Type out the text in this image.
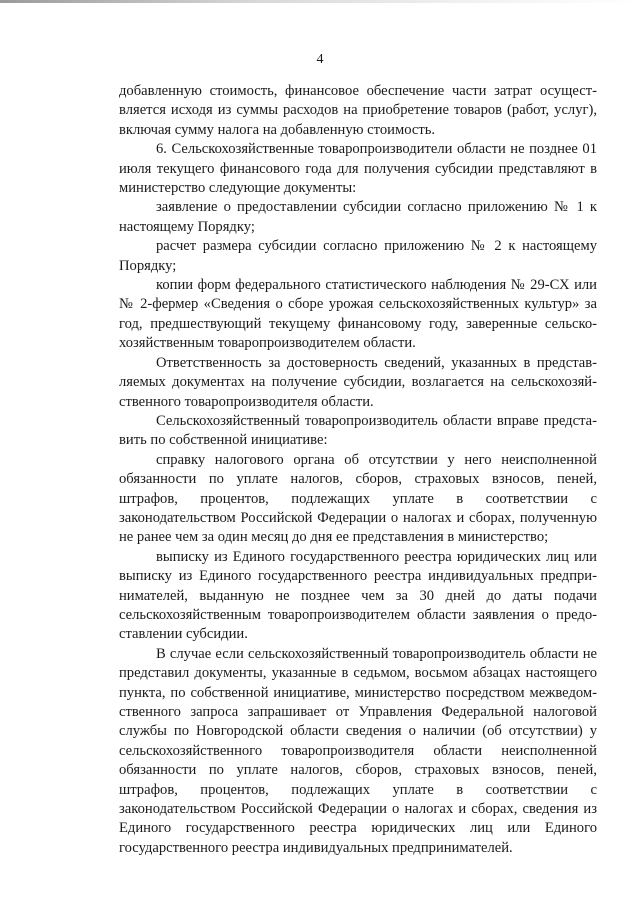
4

добавленную стоимость, финансовое обеспечение части затрат осуществляется исходя из суммы расходов на приобретение товаров (работ, услуг), включая сумму налога на добавленную стоимость.

6. Сельскохозяйственные товаропроизводители области не позднее 01 июля текущего финансового года для получения субсидии представляют в министерство следующие документы:

заявление о предоставлении субсидии согласно приложению № 1 к настоящему Порядку;

расчет размера субсидии согласно приложению № 2 к настоящему Порядку;

копии форм федерального статистического наблюдения № 29-СХ или № 2-фермер «Сведения о сборе урожая сельскохозяйственных культур» за год, предшествующий текущему финансовому году, заверенные сельскохозяйственным товаропроизводителем области.

Ответственность за достоверность сведений, указанных в представляемых документах на получение субсидии, возлагается на сельскохозяйственного товаропроизводителя области.

Сельскохозяйственный товаропроизводитель области вправе представить по собственной инициативе:

справку налогового органа об отсутствии у него неисполненной обязанности по уплате налогов, сборов, страховых взносов, пеней, штрафов, процентов, подлежащих уплате в соответствии с законодательством Российской Федерации о налогах и сборах, полученную не ранее чем за один месяц до дня ее представления в министерство;

выписку из Единого государственного реестра юридических лиц или выписку из Единого государственного реестра индивидуальных предпринимателей, выданную не позднее чем за 30 дней до даты подачи сельскохозяйственным товаропроизводителем области заявления о предоставлении субсидии.

В случае если сельскохозяйственный товаропроизводитель области не представил документы, указанные в седьмом, восьмом абзацах настоящего пункта, по собственной инициативе, министерство посредством межведомственного запроса запрашивает от Управления Федеральной налоговой службы по Новгородской области сведения о наличии (об отсутствии) у сельскохозяйственного товаропроизводителя области неисполненной обязанности по уплате налогов, сборов, страховых взносов, пеней, штрафов, процентов, подлежащих уплате в соответствии с законодательством Российской Федерации о налогах и сборах, сведения из Единого государственного реестра юридических лиц или Единого государственного реестра индивидуальных предпринимателей.
